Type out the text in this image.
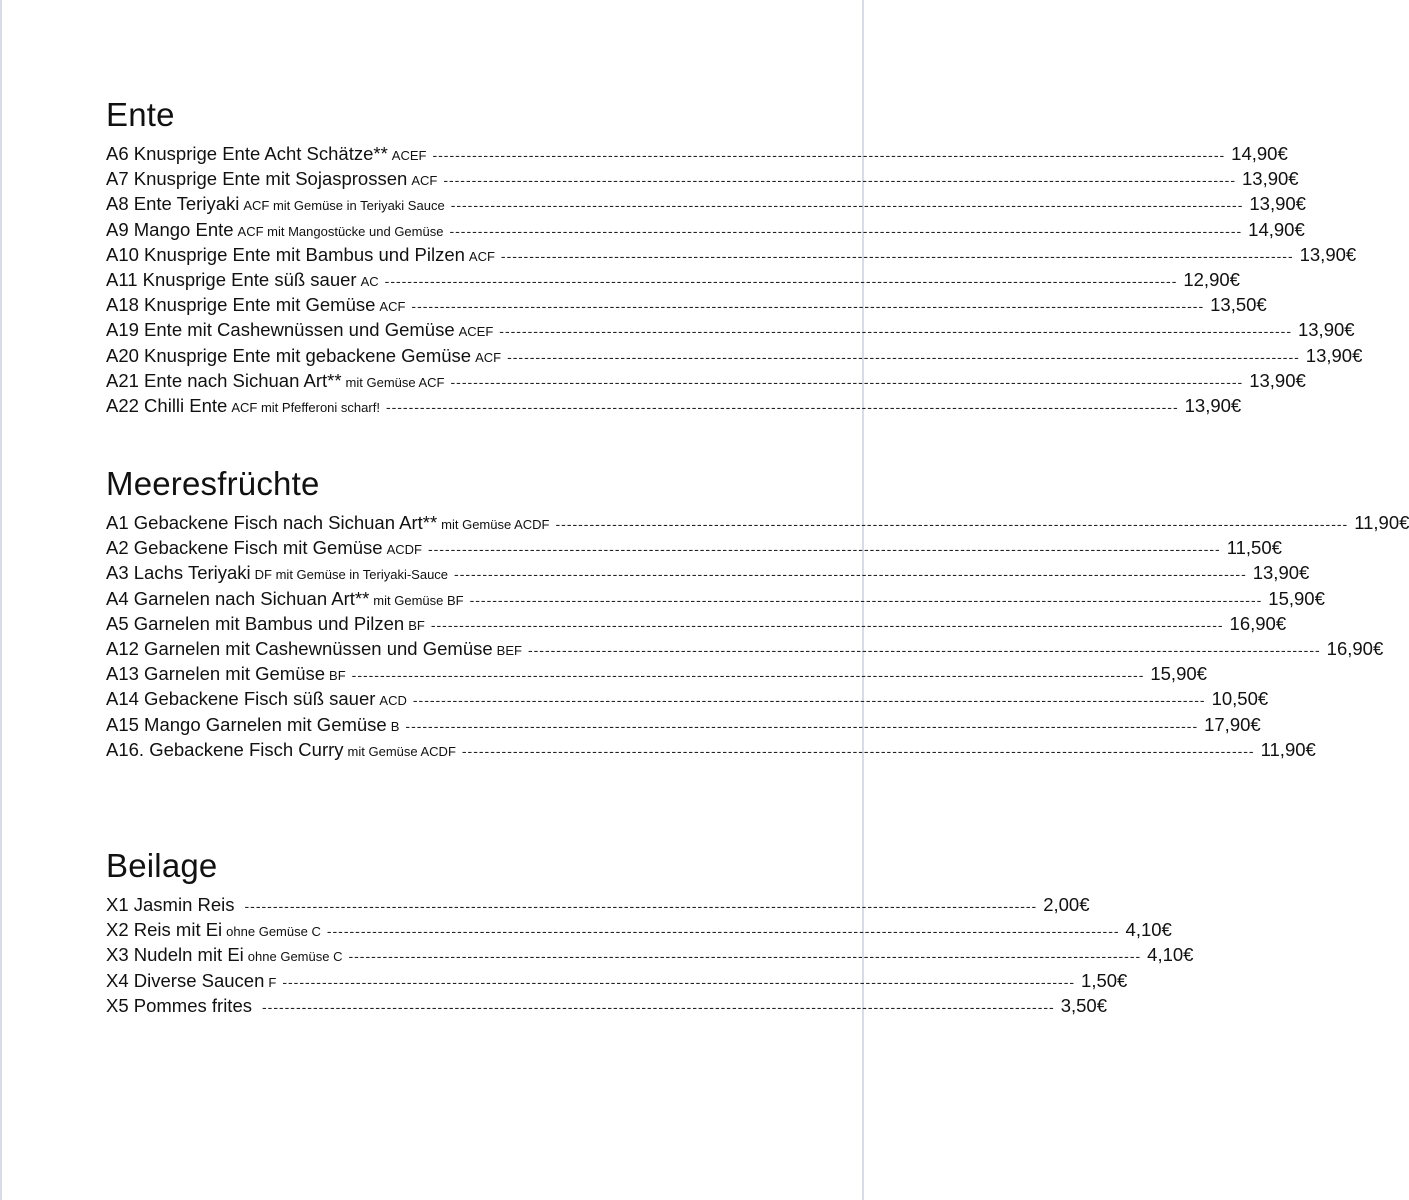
Ente
A6 Knusprige Ente Acht Schätze** ACEF -------------------------------------------------------------------------------------------------------------------------------------------- 14,90€
A7 Knusprige Ente mit Sojasprossen ACF -------------------------------------------------------------------------------------------------------------------------------------------- 13,90€
A8 Ente Teriyaki ACF mit Gemüse in Teriyaki Sauce -------------------------------------------------------------------------------------------------------------------------------------------- 13,90€
A9 Mango Ente ACF mit Mangostücke und Gemüse -------------------------------------------------------------------------------------------------------------------------------------------- 14,90€
A10 Knusprige Ente mit Bambus und Pilzen ACF -------------------------------------------------------------------------------------------------------------------------------------------- 13,90€
A11 Knusprige Ente süß sauer AC -------------------------------------------------------------------------------------------------------------------------------------------- 12,90€
A18 Knusprige Ente mit Gemüse ACF -------------------------------------------------------------------------------------------------------------------------------------------- 13,50€
A19 Ente mit Cashewnüssen und Gemüse ACEF -------------------------------------------------------------------------------------------------------------------------------------------- 13,90€
A20 Knusprige Ente mit gebackene Gemüse ACF -------------------------------------------------------------------------------------------------------------------------------------------- 13,90€
A21 Ente nach Sichuan Art** mit Gemüse ACF -------------------------------------------------------------------------------------------------------------------------------------------- 13,90€
A22 Chilli Ente ACF mit Pfefferoni scharf! -------------------------------------------------------------------------------------------------------------------------------------------- 13,90€
Meeresfrüchte
A1 Gebackene Fisch nach Sichuan Art** mit Gemüse ACDF -------------------------------------------------------------------------------------------------------------------------------------------- 11,90€
A2 Gebackene Fisch mit Gemüse ACDF -------------------------------------------------------------------------------------------------------------------------------------------- 11,50€
A3 Lachs Teriyaki DF mit Gemüse in Teriyaki-Sauce -------------------------------------------------------------------------------------------------------------------------------------------- 13,90€
A4 Garnelen nach Sichuan Art** mit Gemüse BF -------------------------------------------------------------------------------------------------------------------------------------------- 15,90€
A5 Garnelen mit Bambus und Pilzen BF -------------------------------------------------------------------------------------------------------------------------------------------- 16,90€
A12 Garnelen mit Cashewnüssen und Gemüse BEF -------------------------------------------------------------------------------------------------------------------------------------------- 16,90€
A13 Garnelen mit Gemüse BF -------------------------------------------------------------------------------------------------------------------------------------------- 15,90€
A14 Gebackene Fisch süß sauer ACD -------------------------------------------------------------------------------------------------------------------------------------------- 10,50€
A15 Mango Garnelen mit Gemüse B -------------------------------------------------------------------------------------------------------------------------------------------- 17,90€
A16. Gebackene Fisch Curry mit Gemüse ACDF -------------------------------------------------------------------------------------------------------------------------------------------- 11,90€
Beilage
X1 Jasmin Reis -------------------------------------------------------------------------------------------------------------------------------------------- 2,00€
X2 Reis mit Ei ohne Gemüse C -------------------------------------------------------------------------------------------------------------------------------------------- 4,10€
X3 Nudeln mit Ei ohne Gemüse C -------------------------------------------------------------------------------------------------------------------------------------------- 4,10€
X4 Diverse Saucen F -------------------------------------------------------------------------------------------------------------------------------------------- 1,50€
X5 Pommes frites -------------------------------------------------------------------------------------------------------------------------------------------- 3,50€
